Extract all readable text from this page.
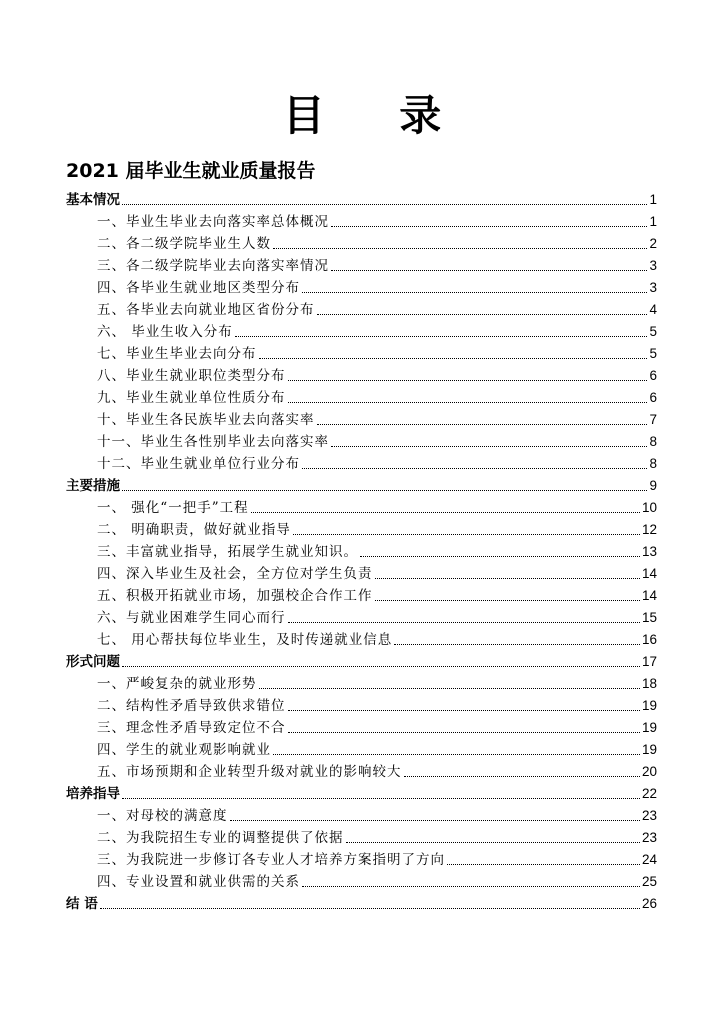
目 录
2021 届毕业生就业质量报告
基本情况	1
一、毕业生毕业去向落实率总体概况	1
二、各二级学院毕业生人数	2
三、各二级学院毕业去向落实率情况	3
四、各毕业生就业地区类型分布	3
五、各毕业去向就业地区省份分布	4
六、 毕业生收入分布	5
七、毕业生毕业去向分布	5
八、毕业生就业职位类型分布	6
九、毕业生就业单位性质分布	6
十、毕业生各民族毕业去向落实率	7
十一、毕业生各性别毕业去向落实率	8
十二、毕业生就业单位行业分布	8
主要措施	9
一、 强化“一把手”工程	10
二、 明确职责，做好就业指导	12
三、丰富就业指导，拓展学生就业知识。	13
四、深入毕业生及社会，全方位对学生负责	14
五、积极开拓就业市场，加强校企合作工作	14
六、与就业困难学生同心而行	15
七、 用心帮扶每位毕业生，及时传递就业信息	16
形式问题	17
一、严峻复杂的就业形势	18
二、结构性矛盾导致供求错位	19
三、理念性矛盾导致定位不合	19
四、学生的就业观影响就业	19
五、市场预期和企业转型升级对就业的影响较大	20
培养指导	22
一、对母校的满意度	23
二、为我院招生专业的调整提供了依据	23
三、为我院进一步修订各专业人才培养方案指明了方向	24
四、专业设置和就业供需的关系	25
结 语	26
